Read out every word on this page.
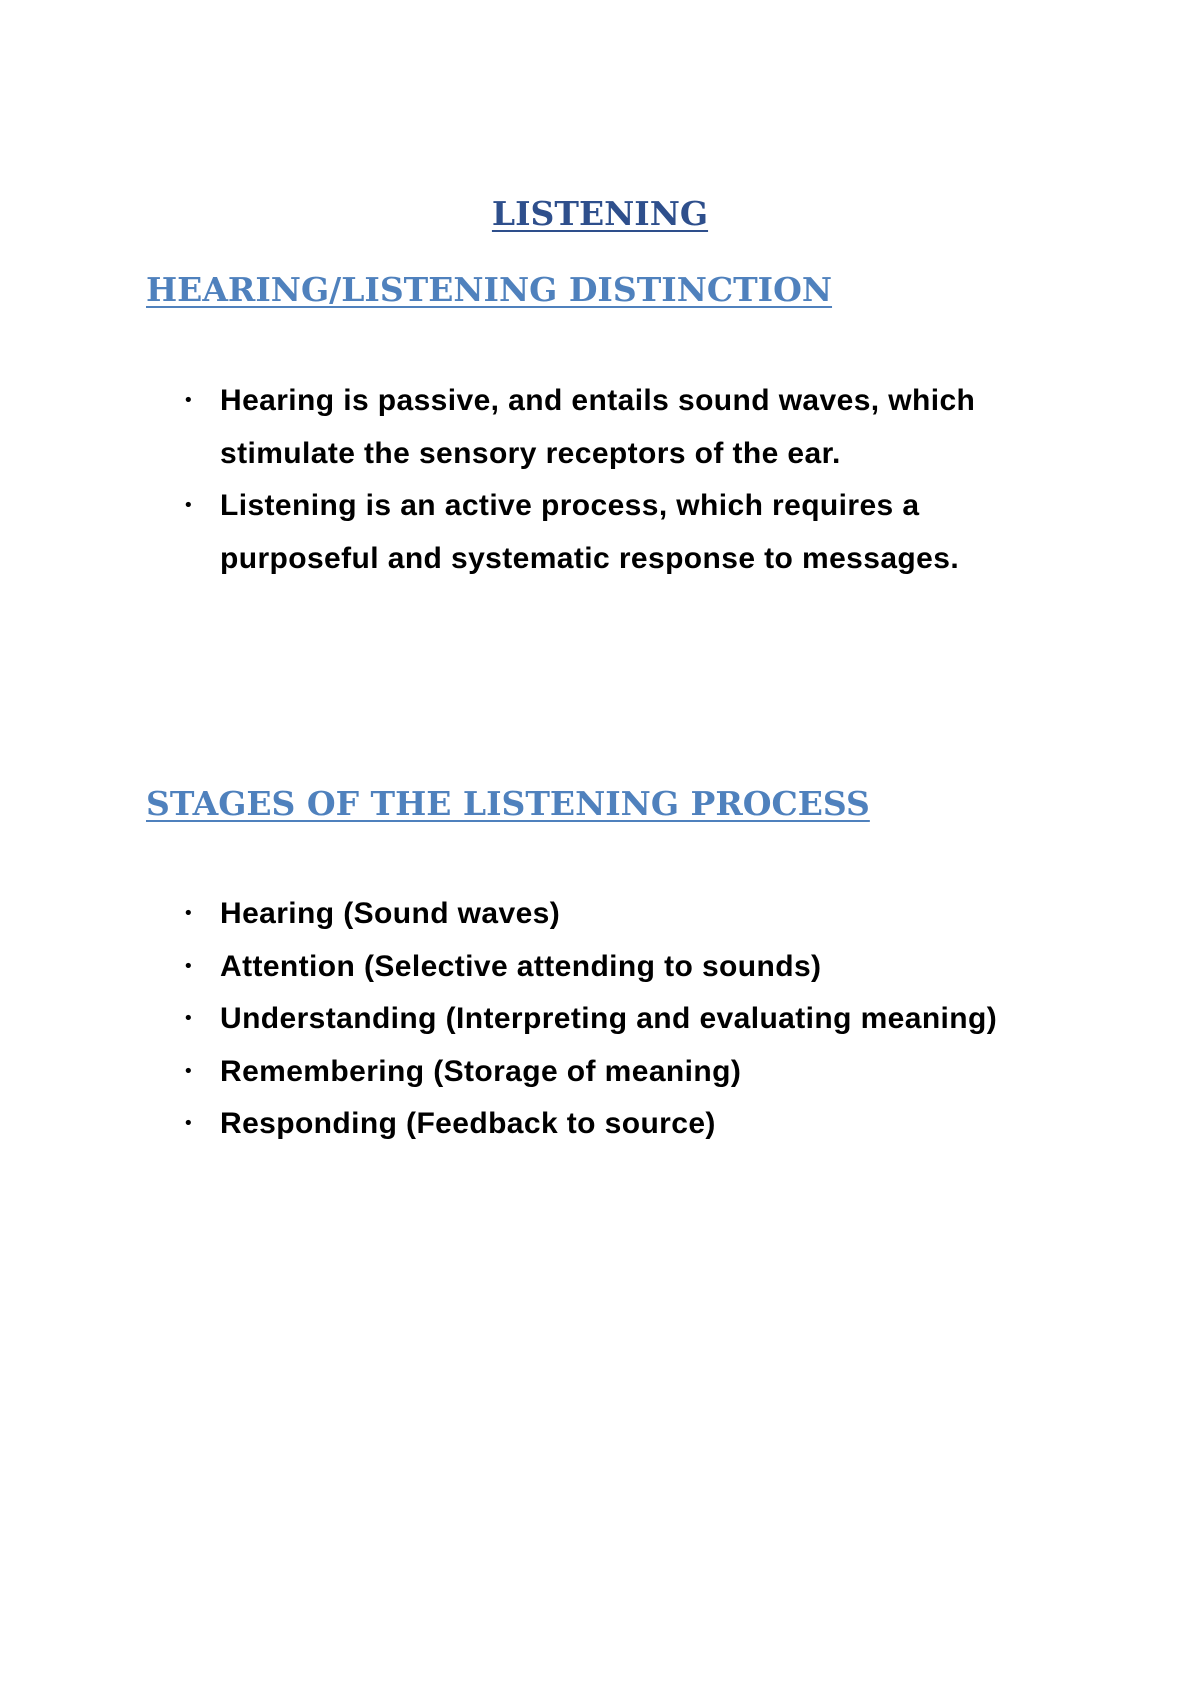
LISTENING
HEARING/LISTENING DISTINCTION
• Hearing is passive, and entails sound waves, which stimulate the sensory receptors of the ear.
• Listening is an active process, which requires a purposeful and systematic response to messages.
STAGES OF THE LISTENING PROCESS
• Hearing (Sound waves)
• Attention (Selective attending to sounds)
• Understanding (Interpreting and evaluating meaning)
• Remembering (Storage of meaning)
• Responding (Feedback to source)
